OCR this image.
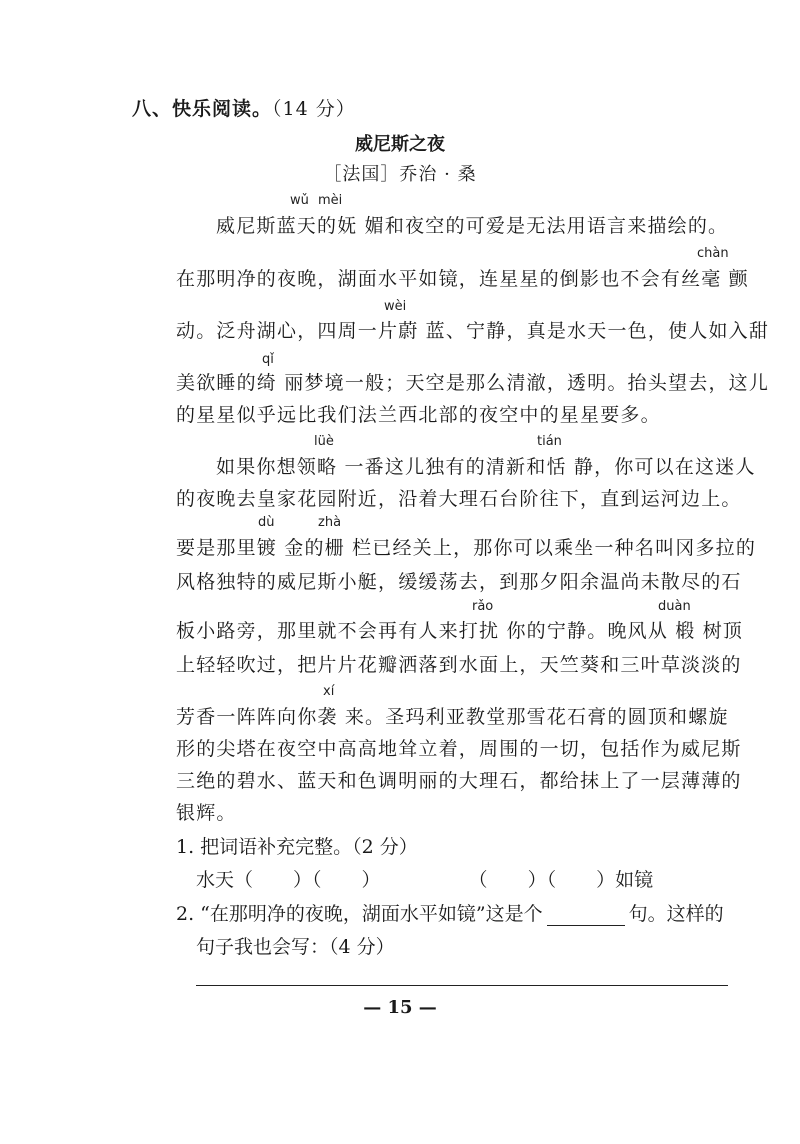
八、快乐阅读。（14 分）
威尼斯之夜
［法国］乔治 · 桑
wǔ mèi
chàn
wèi
qǐ
lüè	tián
dù	zhà
rǎo	duàn
xí
威尼斯蓝天的妩 媚和夜空的可爱是无法用语言来描绘的。
在那明净的夜晚，湖面水平如镜，连星星的倒影也不会有丝毫 颤
动。泛舟湖心，四周一片蔚 蓝、宁静，真是水天一色，使人如入甜
美欲睡的绮 丽梦境一般；天空是那么清澈，透明。抬头望去，这儿
的星星似乎远比我们法兰西北部的夜空中的星星要多。
如果你想领略 一番这儿独有的清新和恬 静，你可以在这迷人
的夜晚去皇家花园附近，沿着大理石台阶往下，直到运河边上。
要是那里镀 金的栅 栏已经关上，那你可以乘坐一种名叫冈多拉的
风格独特的威尼斯小艇，缓缓荡去，到那夕阳余温尚未散尽的石
板小路旁，那里就不会再有人来打扰 你的宁静。晚风从 椴 树顶
上轻轻吹过，把片片花瓣洒落到水面上，天竺葵和三叶草淡淡的
芳香一阵阵向你袭 来。圣玛利亚教堂那雪花石膏的圆顶和螺旋
形的尖塔在夜空中高高地耸立着，周围的一切，包括作为威尼斯
三绝的碧水、蓝天和色调明丽的大理石，都给抹上了一层薄薄的
银辉。
1. 把词语补充完整。（2 分）
水天（ ）（ ）	（ ）（ ）如镜
2. “在那明净的夜晚，湖面水平如镜”这是个	句。这样的
句子我也会写：（4 分）
— 15 —
